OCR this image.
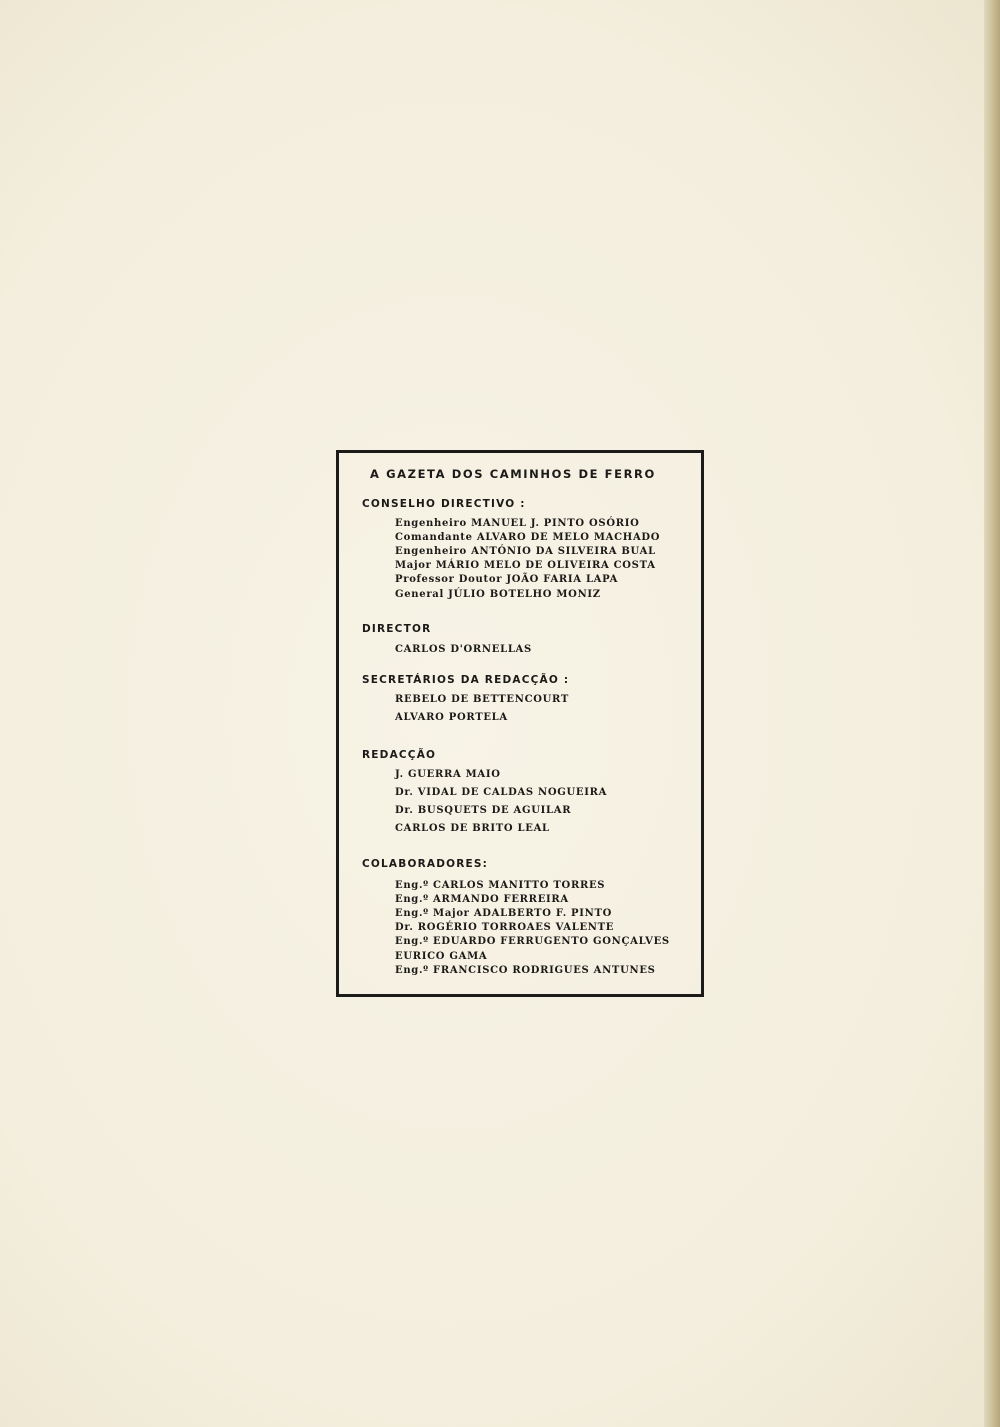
A GAZETA DOS CAMINHOS DE FERRO
CONSELHO DIRECTIVO :
Engenheiro MANUEL J. PINTO OSÓRIO
Comandante ALVARO DE MELO MACHADO
Engenheiro ANTÓNIO DA SILVEIRA BUAL
Major MÁRIO MELO DE OLIVEIRA COSTA
Professor Doutor JOÃO FARIA LAPA
General JÚLIO BOTELHO MONIZ
DIRECTOR
CARLOS D'ORNELLAS
SECRETÁRIOS DA REDACÇÃO :
REBELO DE BETTENCOURT
ALVARO PORTELA
REDACÇÃO
J. GUERRA MAIO
Dr. VIDAL DE CALDAS NOGUEIRA
Dr. BUSQUETS DE AGUILAR
CARLOS DE BRITO LEAL
COLABORADORES:
Eng.º CARLOS MANITTO TORRES
Eng.º ARMANDO FERREIRA
Eng.º Major ADALBERTO F. PINTO
Dr. ROGÉRIO TORROAES VALENTE
Eng.º EDUARDO FERRUGENTO GONÇALVES
EURICO GAMA
Eng.º FRANCISCO RODRIGUES ANTUNES
